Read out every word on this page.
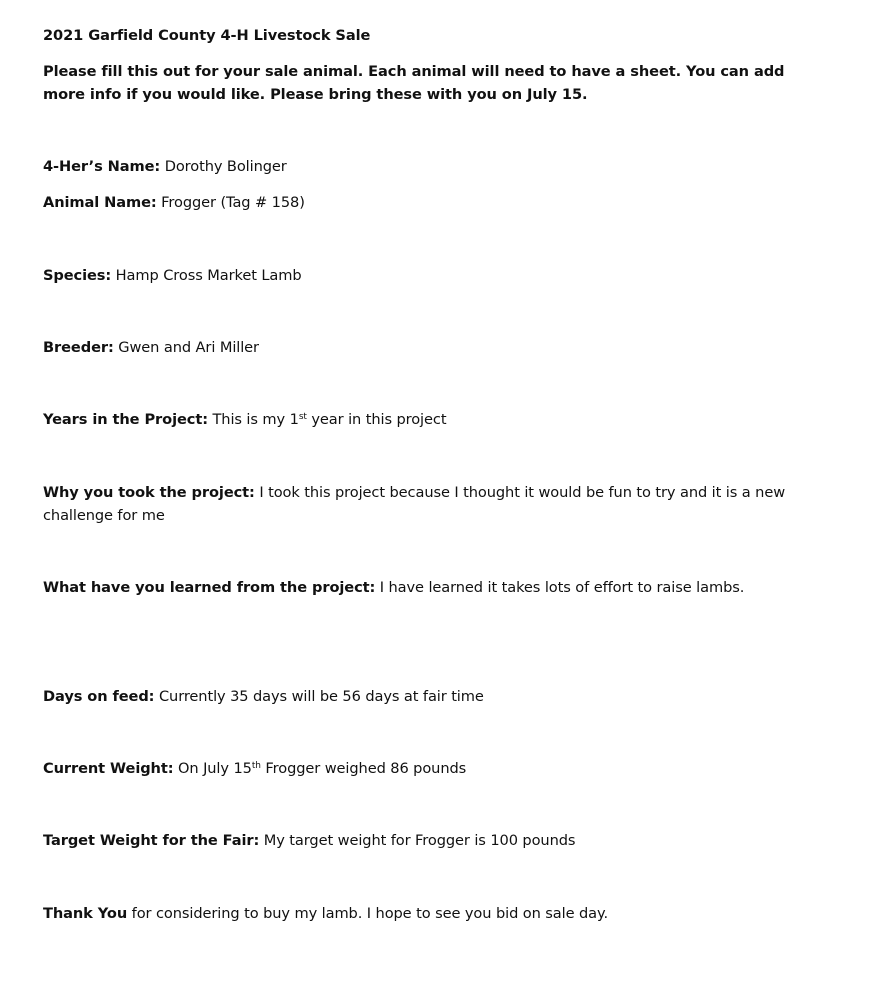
2021 Garfield County 4-H Livestock Sale
Please fill this out for your sale animal. Each animal will need to have a sheet. You can add more info if you would like. Please bring these with you on July 15.
4-Her’s Name: Dorothy Bolinger
Animal Name: Frogger (Tag # 158)
Species: Hamp Cross Market Lamb
Breeder: Gwen and Ari Miller
Years in the Project: This is my 1st year in this project
Why you took the project: I took this project because I thought it would be fun to try and it is a new challenge for me
What have you learned from the project: I have learned it takes lots of effort to raise lambs.
Days on feed: Currently 35 days will be 56 days at fair time
Current Weight: On July 15th Frogger weighed 86 pounds
Target Weight for the Fair: My target weight for Frogger is 100 pounds
Thank You for considering to buy my lamb. I hope to see you bid on sale day.
